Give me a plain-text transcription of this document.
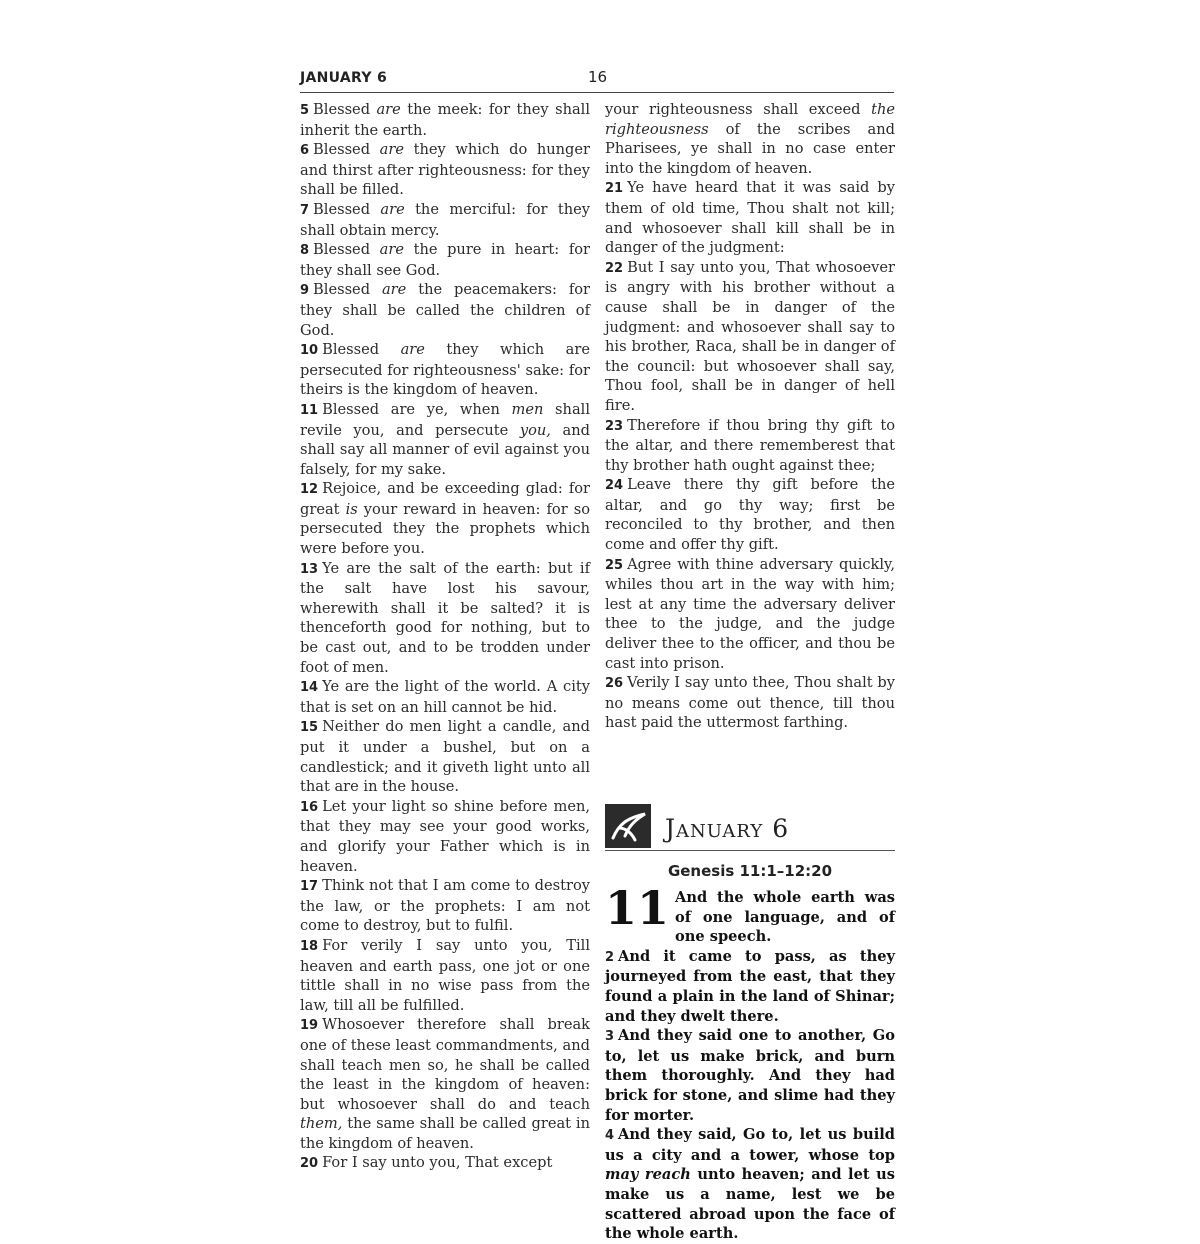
JANUARY 6	16

5 Blessed are the meek: for they shall inherit the earth.

6 Blessed are they which do hunger and thirst after righteousness: for they shall be filled.

7 Blessed are the merciful: for they shall obtain mercy.

8 Blessed are the pure in heart: for they shall see God.

9 Blessed are the peacemakers: for they shall be called the children of God.

10 Blessed are they which are persecuted for righteousness' sake: for theirs is the kingdom of heaven.

11 Blessed are ye, when men shall revile you, and persecute you, and shall say all manner of evil against you falsely, for my sake.

12 Rejoice, and be exceeding glad: for great is your reward in heaven: for so persecuted they the prophets which were before you.

13 Ye are the salt of the earth: but if the salt have lost his savour, wherewith shall it be salted? it is thenceforth good for nothing, but to be cast out, and to be trodden under foot of men.

14 Ye are the light of the world. A city that is set on an hill cannot be hid.

15 Neither do men light a candle, and put it under a bushel, but on a candlestick; and it giveth light unto all that are in the house.

16 Let your light so shine before men, that they may see your good works, and glorify your Father which is in heaven.

17 Think not that I am come to destroy the law, or the prophets: I am not come to destroy, but to fulfil.

18 For verily I say unto you, Till heaven and earth pass, one jot or one tittle shall in no wise pass from the law, till all be fulfilled.

19 Whosoever therefore shall break one of these least commandments, and shall teach men so, he shall be called the least in the kingdom of heaven: but whosoever shall do and teach them, the same shall be called great in the kingdom of heaven.

20 For I say unto you, That except

your righteousness shall exceed the righteousness of the scribes and Pharisees, ye shall in no case enter into the kingdom of heaven.

21 Ye have heard that it was said by them of old time, Thou shalt not kill; and whosoever shall kill shall be in danger of the judgment:

22 But I say unto you, That whosoever is angry with his brother without a cause shall be in danger of the judgment: and whosoever shall say to his brother, Raca, shall be in danger of the council: but whosoever shall say, Thou fool, shall be in danger of hell fire.

23 Therefore if thou bring thy gift to the altar, and there rememberest that thy brother hath ought against thee;

24 Leave there thy gift before the altar, and go thy way; first be reconciled to thy brother, and then come and offer thy gift.

25 Agree with thine adversary quickly, whiles thou art in the way with him; lest at any time the adversary deliver thee to the judge, and the judge deliver thee to the officer, and thou be cast into prison.

26 Verily I say unto thee, Thou shalt by no means come out thence, till thou hast paid the uttermost farthing.

January 6
Genesis 11:1–12:20
11 And the whole earth was of one language, and of one speech.

2 And it came to pass, as they journeyed from the east, that they found a plain in the land of Shinar; and they dwelt there.

3 And they said one to another, Go to, let us make brick, and burn them thoroughly. And they had brick for stone, and slime had they for morter.

4 And they said, Go to, let us build us a city and a tower, whose top may reach unto heaven; and let us make us a name, lest we be scattered abroad upon the face of the whole earth.
